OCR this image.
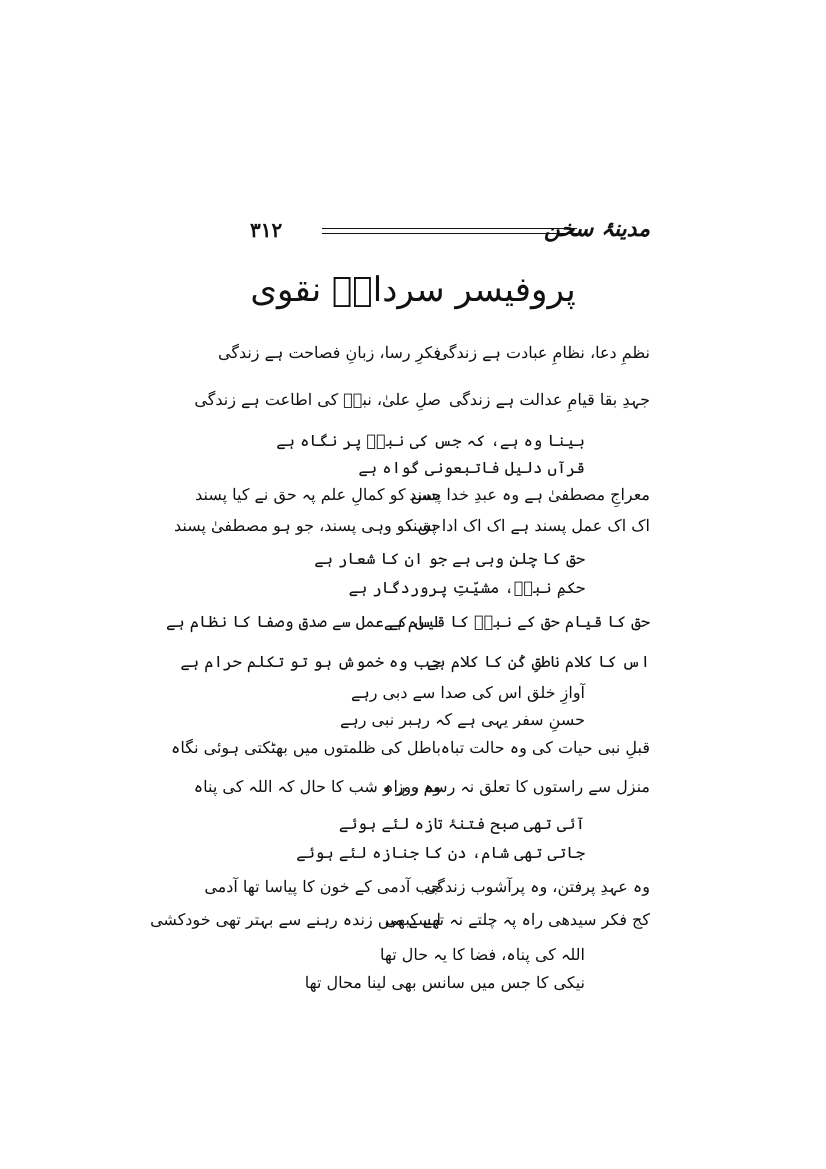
۳۱۲	مدینۂ سخن
پروفیسر سردارؔ نقوی
نظمِ دعا، نظامِ عبادت ہے زندگی
فکرِ رسا، زبانِ فصاحت ہے زندگی
جہدِ بقا قیامِ عدالت ہے زندگی
صلِ علیٰ، نبیؐ کی اطاعت ہے زندگی
بینا وہ ہے، کہ جس کی نبیؐ پر نگاہ ہے
قرآں دلیل فاتبعونی گواہ ہے
معراجِ مصطفیٰ ہے وہ عبدِ خدا پسند
جس کو کمالِ علم پہ حق نے کیا پسند
اک اک عمل پسند ہے اک اک ادا پسند
حق کو وہی پسند، جو ہو مصطفیٰ پسند
حق کا چلن وہی ہے جو ان کا شعار ہے
حکمِ نبیؐ، مشیّتِ پروردگار ہے
حق کا قیام حق کے نبیؐ کا قیام ہے
اس کے عمل سے صدق وصفا کا نظام ہے
اس کا کلام ناطقِ کُن کا کلام ہے
جب وہ خموش ہو تو تکلم حرام ہے
آوازِ خلق اس کی صدا سے دبی رہے
حسنِ سفر یہی ہے کہ رہبر نبی رہے
قبلِ نبی حیات کی وہ حالت تباہ
باطل کی ظلمتوں میں بھٹکتی ہوئی نگاہ
منزل سے راستوں کا تعلق نہ رسم و راہ
وہ روز و شب کا حال کہ اللہ کی پناہ
آئی تھی صبح فتنۂ تازہ لئے ہوئے
جاتی تھی شام، دن کا جنازہ لئے ہوئے
وہ عہدِ پرفتن، وہ پرآشوب زندگی
جب آدمی کے خون کا پیاسا تھا آدمی
کج فکر سیدھی راہ پہ چلتے نہ تھے کبھی
ایسے میں زندہ رہنے سے بہتر تھی خودکشی
اللہ کی پناہ، فضا کا یہ حال تھا
نیکی کا جس میں سانس بھی لینا محال تھا
